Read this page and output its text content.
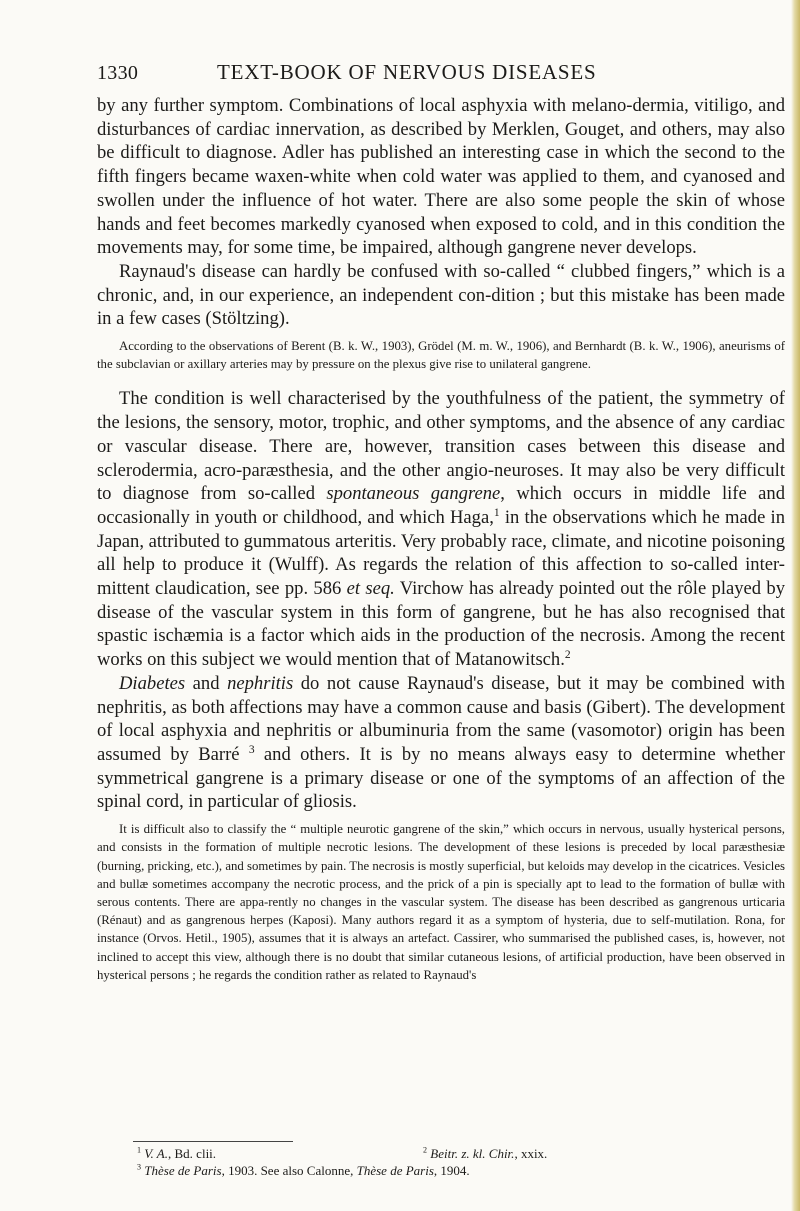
1330	TEXT-BOOK OF NERVOUS DISEASES

by any further symptom. Combinations of local asphyxia with melano-dermia, vitiligo, and disturbances of cardiac innervation, as described by Merklen, Gouget, and others, may also be difficult to diagnose. Adler has published an interesting case in which the second to the fifth fingers became waxen-white when cold water was applied to them, and cyanosed and swollen under the influence of hot water. There are also some people the skin of whose hands and feet becomes markedly cyanosed when exposed to cold, and in this condition the movements may, for some time, be impaired, although gangrene never develops.

Raynaud's disease can hardly be confused with so-called “ clubbed fingers,” which is a chronic, and, in our experience, an independent con-dition ; but this mistake has been made in a few cases (Stöltzing).

According to the observations of Berent (B. k. W., 1903), Grödel (M. m. W., 1906), and Bernhardt (B. k. W., 1906), aneurisms of the subclavian or axillary arteries may by pressure on the plexus give rise to unilateral gangrene.

The condition is well characterised by the youthfulness of the patient, the symmetry of the lesions, the sensory, motor, trophic, and other symptoms, and the absence of any cardiac or vascular disease. There are, however, transition cases between this disease and sclerodermia, acro-paræsthesia, and the other angio-neuroses. It may also be very difficult to diagnose from so-called spontaneous gangrene, which occurs in middle life and occasionally in youth or childhood, and which Haga,$^1$ in the observations which he made in Japan, attributed to gummatous arteritis. Very probably race, climate, and nicotine poisoning all help to produce it (Wulff). As regards the relation of this affection to so-called inter-mittent claudication, see pp. 586 et seq. Virchow has already pointed out the rôle played by disease of the vascular system in this form of gangrene, but he has also recognised that spastic ischæmia is a factor which aids in the production of the necrosis. Among the recent works on this subject we would mention that of Matanowitsch.$^2$

Diabetes and nephritis do not cause Raynaud's disease, but it may be combined with nephritis, as both affections may have a common cause and basis (Gibert). The development of local asphyxia and nephritis or albuminuria from the same (vasomotor) origin has been assumed by Barré $^3$ and others. It is by no means always easy to determine whether symmetrical gangrene is a primary disease or one of the symptoms of an affection of the spinal cord, in particular of gliosis.

It is difficult also to classify the “ multiple neurotic gangrene of the skin,” which occurs in nervous, usually hysterical persons, and consists in the formation of multiple necrotic lesions. The development of these lesions is preceded by local paræsthesiæ (burning, pricking, etc.), and sometimes by pain. The necrosis is mostly superficial, but keloids may develop in the cicatrices. Vesicles and bullæ sometimes accompany the necrotic process, and the prick of a pin is specially apt to lead to the formation of bullæ with serous contents. There are appa-rently no changes in the vascular system. The disease has been described as gangrenous urticaria (Rénaut) and as gangrenous herpes (Kaposi). Many authors regard it as a symptom of hysteria, due to self-mutilation. Rona, for instance (Orvos. Hetil., 1905), assumes that it is always an artefact. Cassirer, who summarised the published cases, is, however, not inclined to accept this view, although there is no doubt that similar cutaneous lesions, of artificial production, have been observed in hysterical persons ; he regards the condition rather as related to Raynaud's

$^1$ V. A., Bd. clii.	$^2$ Beitr. z. kl. Chir., xxix.
$^3$ Thèse de Paris, 1903. See also Calonne, Thèse de Paris, 1904.
